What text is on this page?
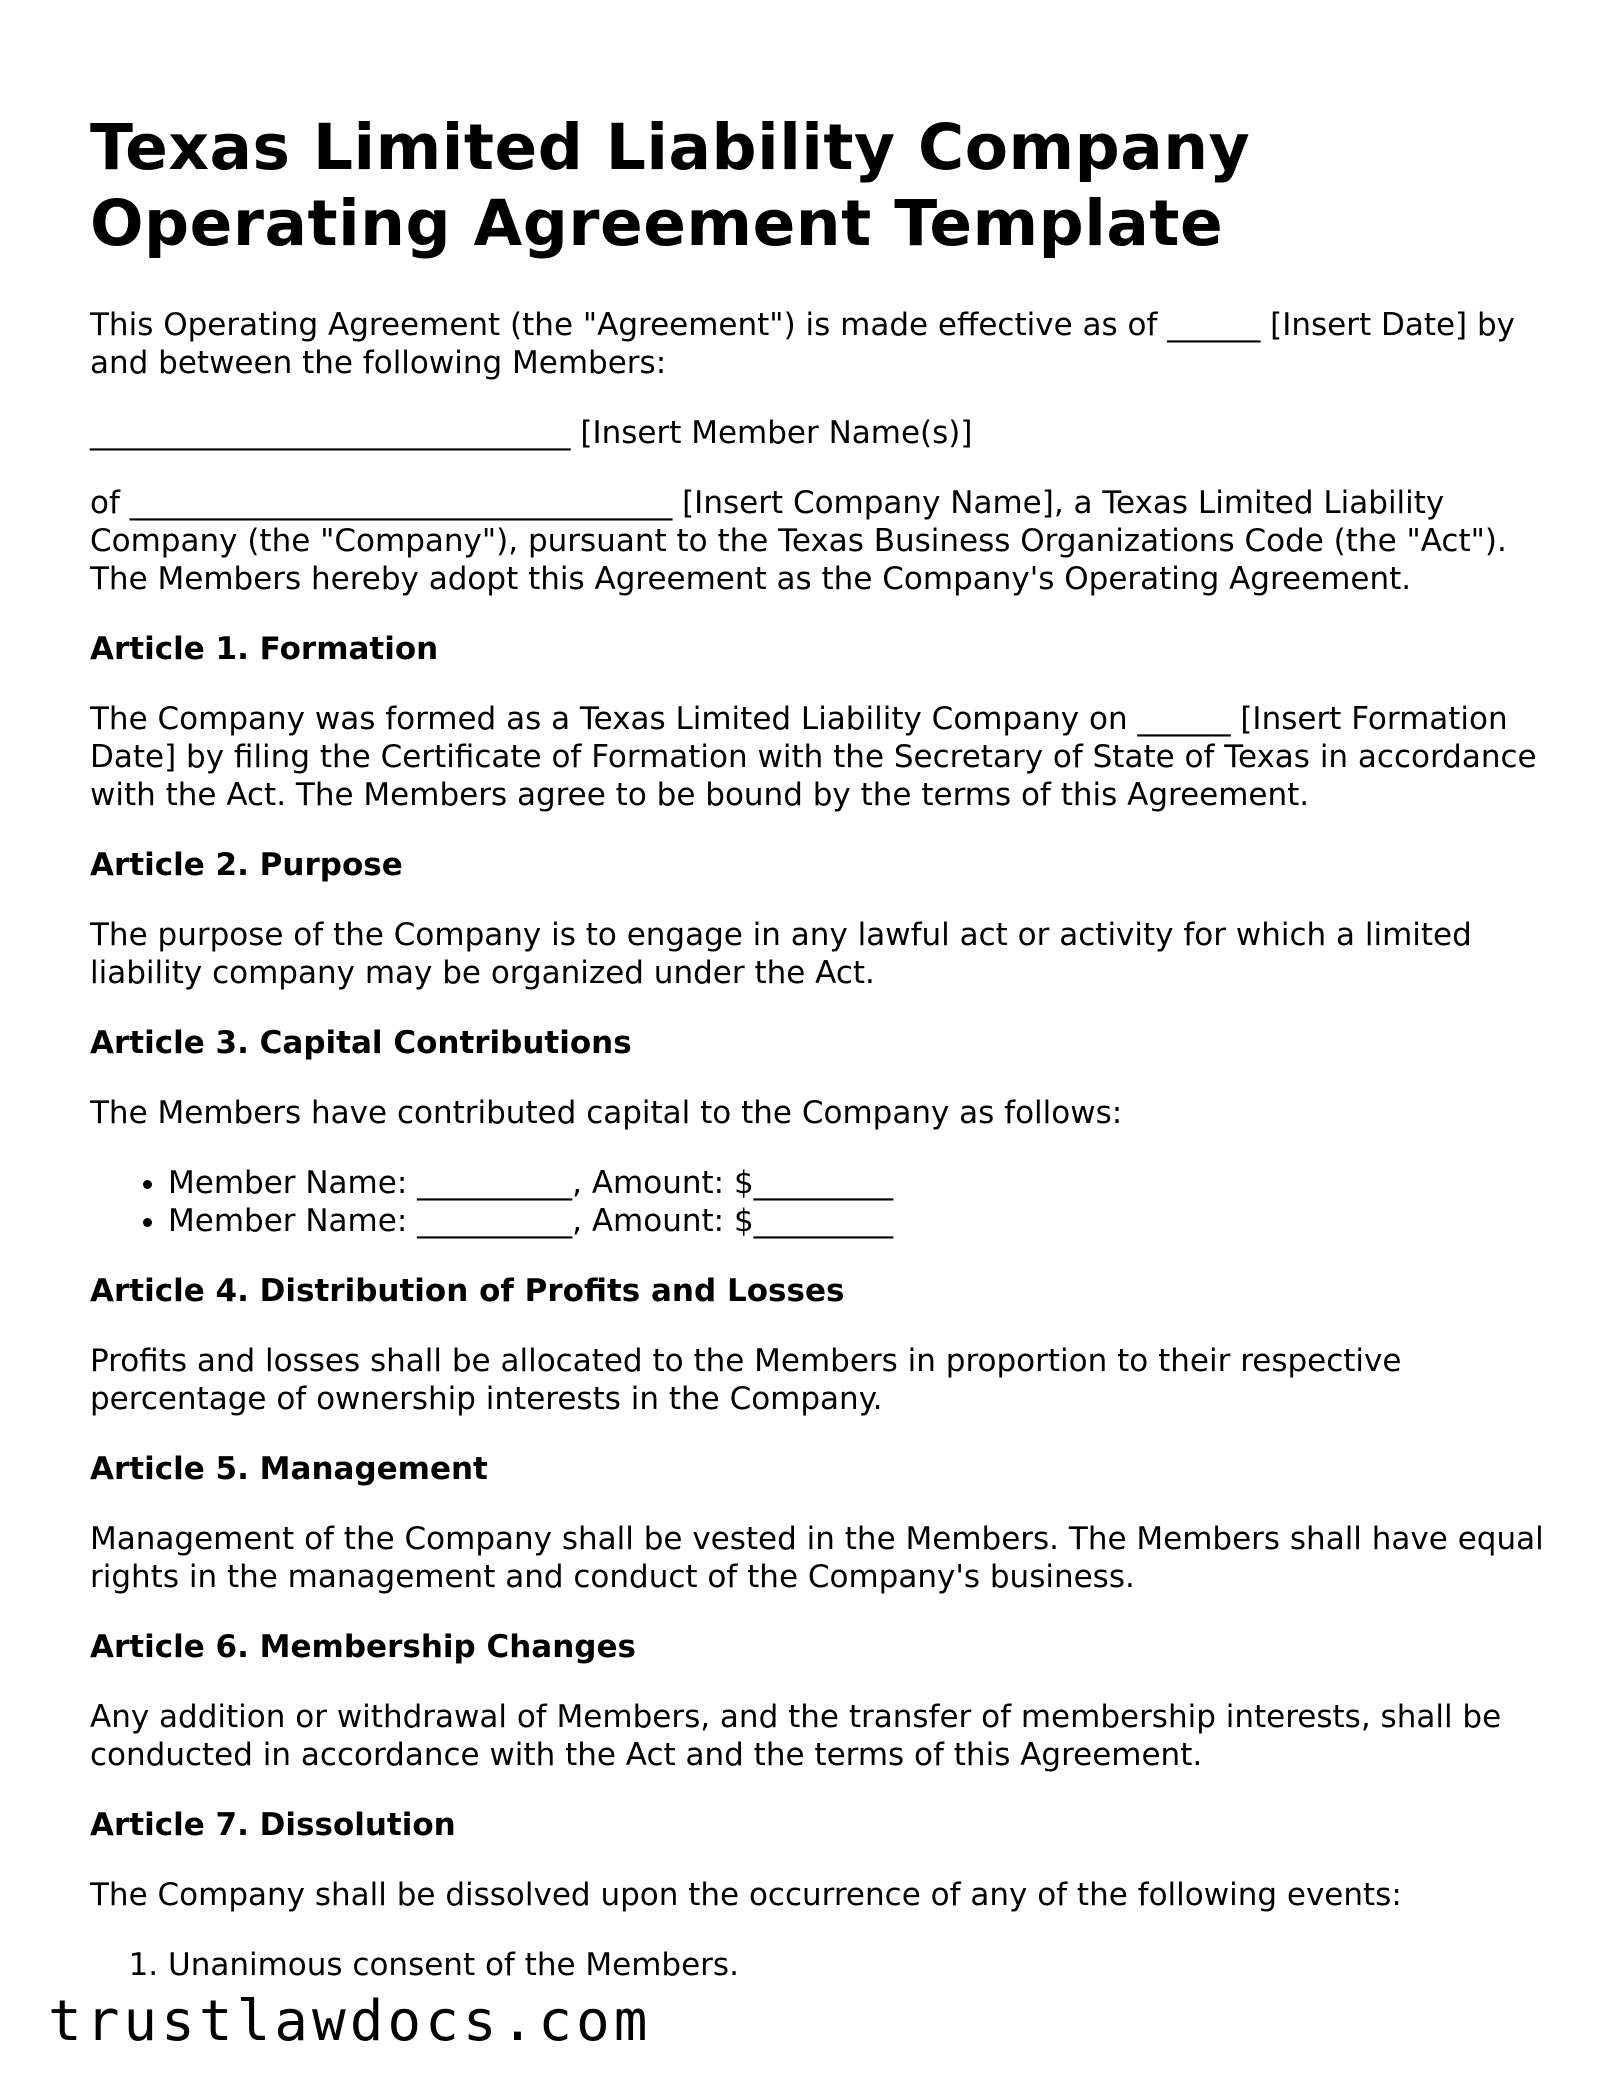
Texas Limited Liability Company
Operating Agreement Template

This Operating Agreement (the "Agreement") is made effective as of ______ [Insert Date] by and between the following Members:

_______________________________ [Insert Member Name(s)]

of ___________________________________ [Insert Company Name], a Texas Limited Liability Company (the "Company"), pursuant to the Texas Business Organizations Code (the "Act"). The Members hereby adopt this Agreement as the Company's Operating Agreement.

Article 1. Formation

The Company was formed as a Texas Limited Liability Company on ______ [Insert Formation Date] by filing the Certificate of Formation with the Secretary of State of Texas in accordance with the Act. The Members agree to be bound by the terms of this Agreement.

Article 2. Purpose

The purpose of the Company is to engage in any lawful act or activity for which a limited liability company may be organized under the Act.

Article 3. Capital Contributions

The Members have contributed capital to the Company as follows:

• Member Name: __________, Amount: $_________
• Member Name: __________, Amount: $_________
Article 4. Distribution of Profits and Losses

Profits and losses shall be allocated to the Members in proportion to their respective percentage of ownership interests in the Company.

Article 5. Management

Management of the Company shall be vested in the Members. The Members shall have equal rights in the management and conduct of the Company's business.

Article 6. Membership Changes

Any addition or withdrawal of Members, and the transfer of membership interests, shall be conducted in accordance with the Act and the terms of this Agreement.

Article 7. Dissolution

The Company shall be dissolved upon the occurrence of any of the following events:

1. Unanimous consent of the Members.
trustlawdocs.com
